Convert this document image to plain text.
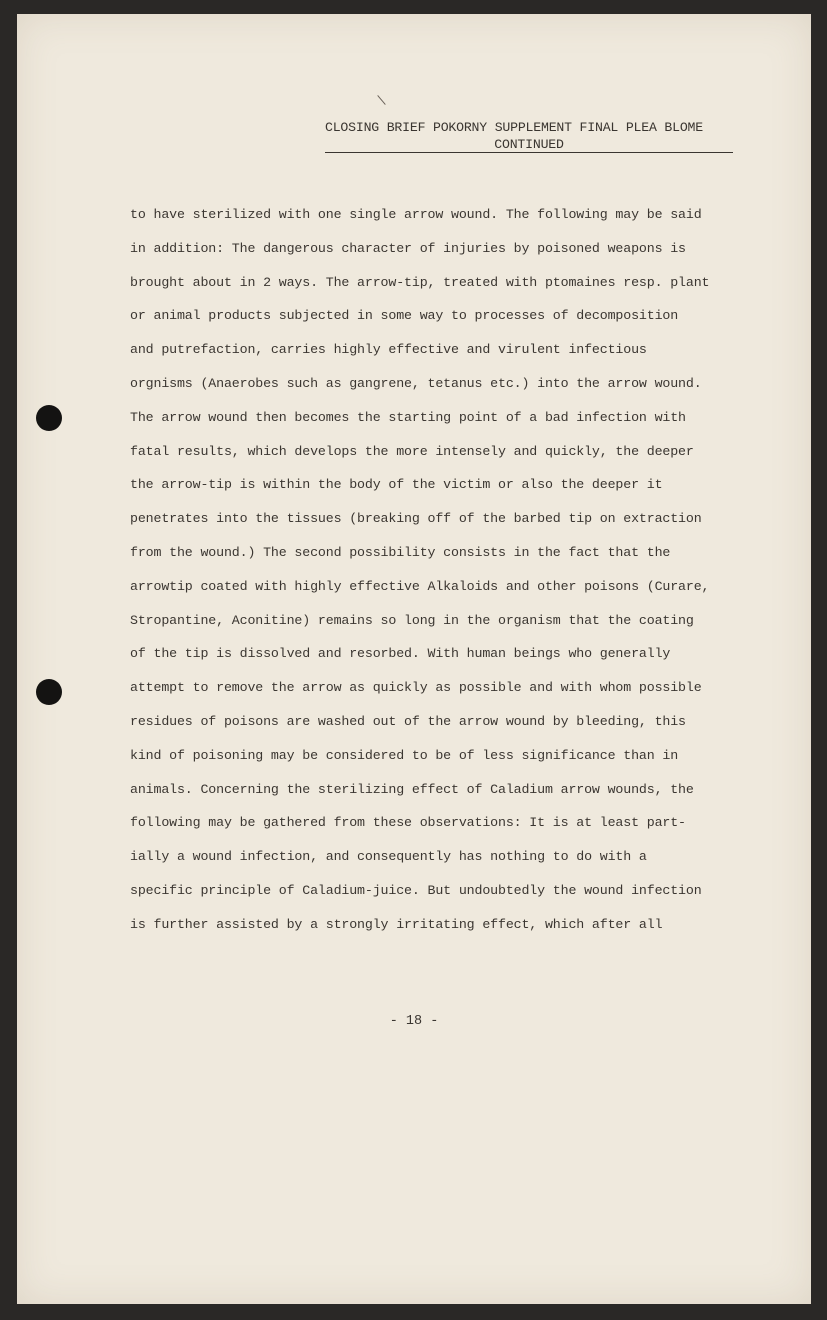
CLOSING BRIEF POKORNY SUPPLEMENT FINAL PLEA BLOME
CONTINUED
to have sterilized with one single arrow wound. The following may be said
in addition: The dangerous character of injuries by poisoned weapons is
brought about in 2 ways. The arrow-tip, treated with ptomaines resp. plant
or animal products subjected in some way to processes of decomposition
and putrefaction, carries highly effective and virulent infectious
orgnisms (Anaerobes such as gangrene, tetanus etc.) into the arrow wound.
The arrow wound then becomes the starting point of a bad infection with
fatal results, which develops the more intensely and quickly, the deeper
the arrow-tip is within the body of the victim or also the deeper it
penetrates into the tissues (breaking off of the barbed tip on extraction
from the wound.) The second possibility consists in the fact that the
arrowtip coated with highly effective Alkaloids and other poisons (Curare,
Stropantine, Aconitine) remains so long in the organism that the coating
of the tip is dissolved and resorbed. With human beings who generally
attempt to remove the arrow as quickly as possible and with whom possible
residues of poisons are washed out of the arrow wound by bleeding, this
kind of poisoning may be considered to be of less significance than in
animals. Concerning the sterilizing effect of Caladium arrow wounds, the
following may be gathered from these observations: It is at least part-
ially a wound infection, and consequently has nothing to do with a
specific principle of Caladium-juice. But undoubtedly the wound infection
is further assisted by a strongly irritating effect, which after all
- 18 -
